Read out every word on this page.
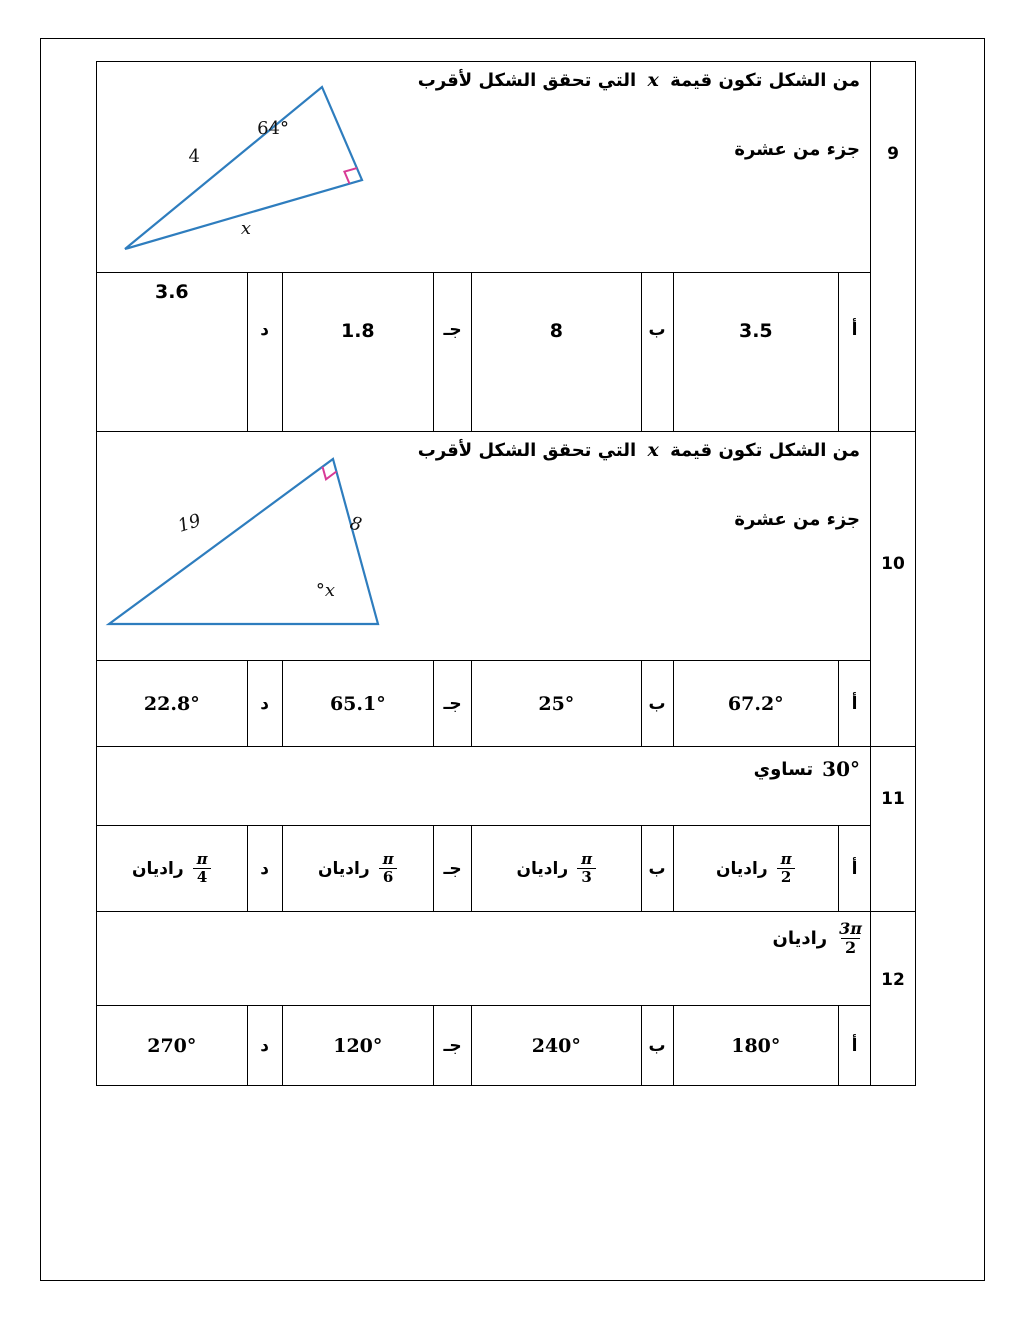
9
من الشكل تكون قيمة x التي تحقق الشكل لأقرب
جزء من عشرة
64°
4
x
أ
3.5
ب
8
جـ
1.8
د
3.6
10
من الشكل تكون قيمة x التي تحقق الشكل لأقرب
جزء من عشرة
19	8
x°
أ
67.2°
ب
25°
جـ
65.1°
د
22.8°
11
30°
تساوي
أ
$\frac{\pi}{2}$
راديان
ب
$\frac{\pi}{3}$
راديان
جـ
$\frac{\pi}{6}$
راديان
د
$\frac{\pi}{4}$
راديان
12
$\frac{3\pi}{2}$
راديان
أ
180°
ب
240°
جـ
120°
د
270°
